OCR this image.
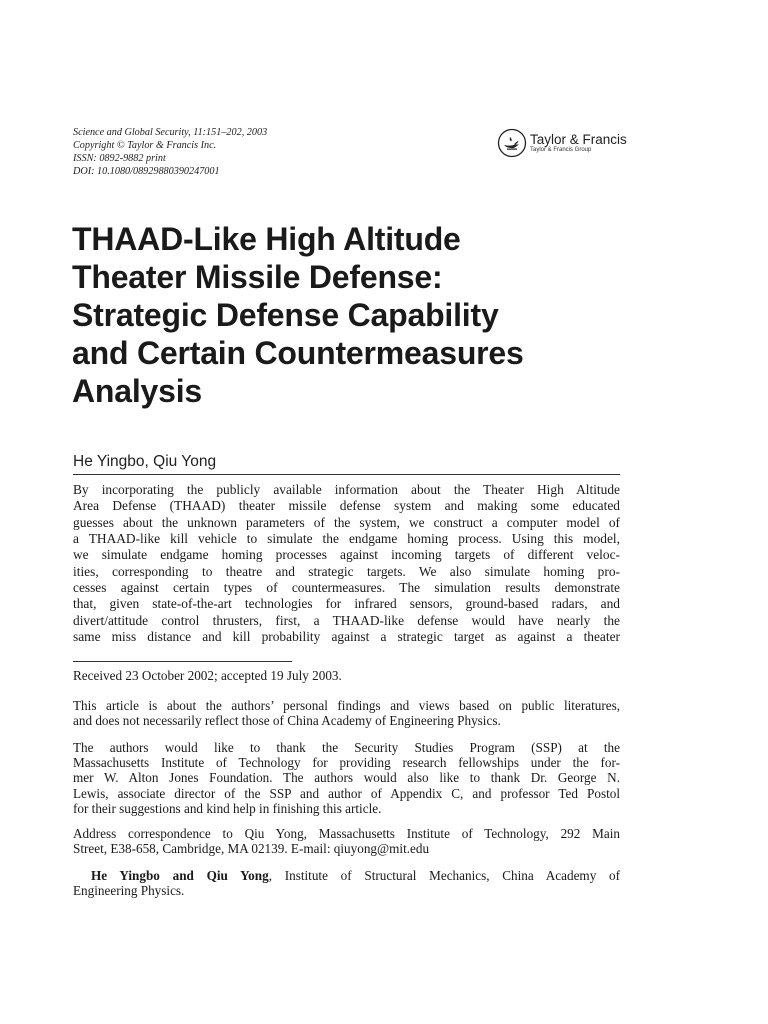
Science and Global Security, 11:151–202, 2003
Copyright © Taylor & Francis Inc.
ISSN: 0892-9882 print
DOI: 10.1080/08929880390247001
Taylor & Francis
Taylor & Francis Group
THAAD-Like High Altitude
Theater Missile Defense:
Strategic Defense Capability
and Certain Countermeasures
Analysis
He Yingbo, Qiu Yong
By incorporating the publicly available information about the Theater High Altitude
Area Defense (THAAD) theater missile defense system and making some educated
guesses about the unknown parameters of the system, we construct a computer model of
a THAAD-like kill vehicle to simulate the endgame homing process. Using this model,
we simulate endgame homing processes against incoming targets of different veloc-
ities, corresponding to theatre and strategic targets. We also simulate homing pro-
cesses against certain types of countermeasures. The simulation results demonstrate
that, given state-of-the-art technologies for infrared sensors, ground-based radars, and
divert/attitude control thrusters, first, a THAAD-like defense would have nearly the
same miss distance and kill probability against a strategic target as against a theater
Received 23 October 2002; accepted 19 July 2003.
This article is about the authors’ personal findings and views based on public literatures,
and does not necessarily reflect those of China Academy of Engineering Physics.
The authors would like to thank the Security Studies Program (SSP) at the
Massachusetts Institute of Technology for providing research fellowships under the for-
mer W. Alton Jones Foundation. The authors would also like to thank Dr. George N.
Lewis, associate director of the SSP and author of Appendix C, and professor Ted Postol
for their suggestions and kind help in finishing this article.
Address correspondence to Qiu Yong, Massachusetts Institute of Technology, 292 Main
Street, E38-658, Cambridge, MA 02139. E-mail: qiuyong@mit.edu
He Yingbo and Qiu Yong, Institute of Structural Mechanics, China Academy of
Engineering Physics.
